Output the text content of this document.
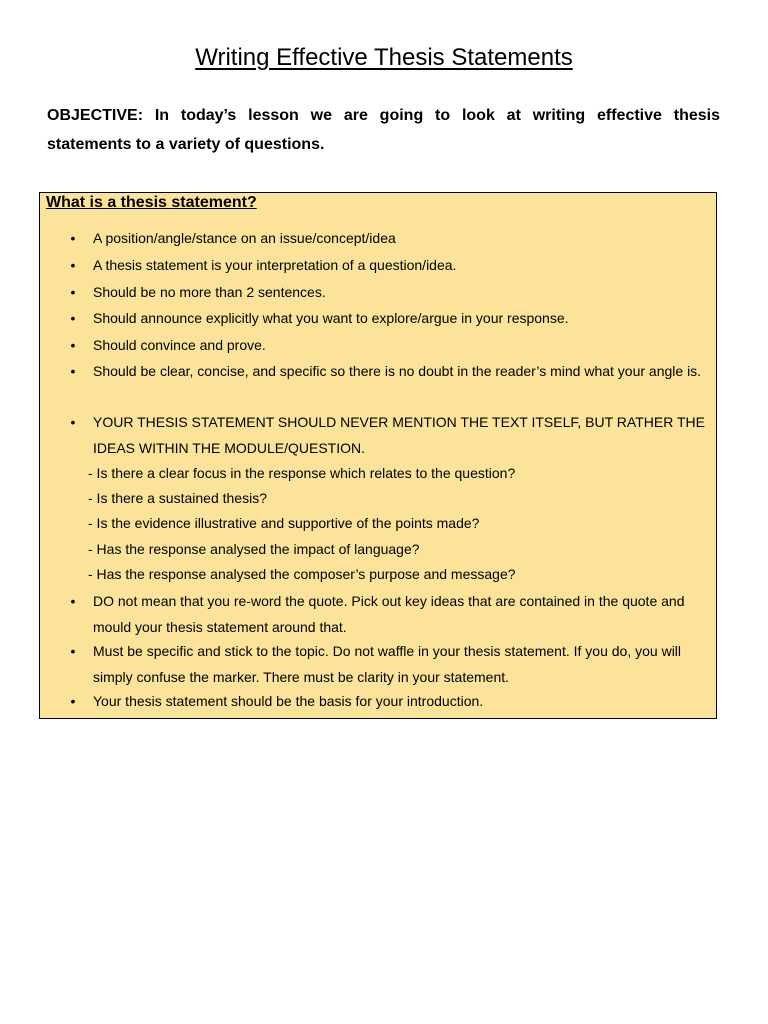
Writing Effective Thesis Statements
OBJECTIVE: In today’s lesson we are going to look at writing effective thesis statements to a variety of questions.
What is a thesis statement?
• A position/angle/stance on an issue/concept/idea
• A thesis statement is your interpretation of a question/idea.
• Should be no more than 2 sentences.
• Should announce explicitly what you want to explore/argue in your response.
• Should convince and prove.
• Should be clear, concise, and specific so there is no doubt in the reader’s mind what your angle is.
• YOUR THESIS STATEMENT SHOULD NEVER MENTION THE TEXT ITSELF, BUT RATHER THE IDEAS WITHIN THE MODULE/QUESTION.
- Is there a clear focus in the response which relates to the question?
- Is there a sustained thesis?
- Is the evidence illustrative and supportive of the points made?
- Has the response analysed the impact of language?
- Has the response analysed the composer’s purpose and message?
• DO not mean that you re-word the quote. Pick out key ideas that are contained in the quote and mould your thesis statement around that.
• Must be specific and stick to the topic. Do not waffle in your thesis statement. If you do, you will simply confuse the marker. There must be clarity in your statement.
• Your thesis statement should be the basis for your introduction.
